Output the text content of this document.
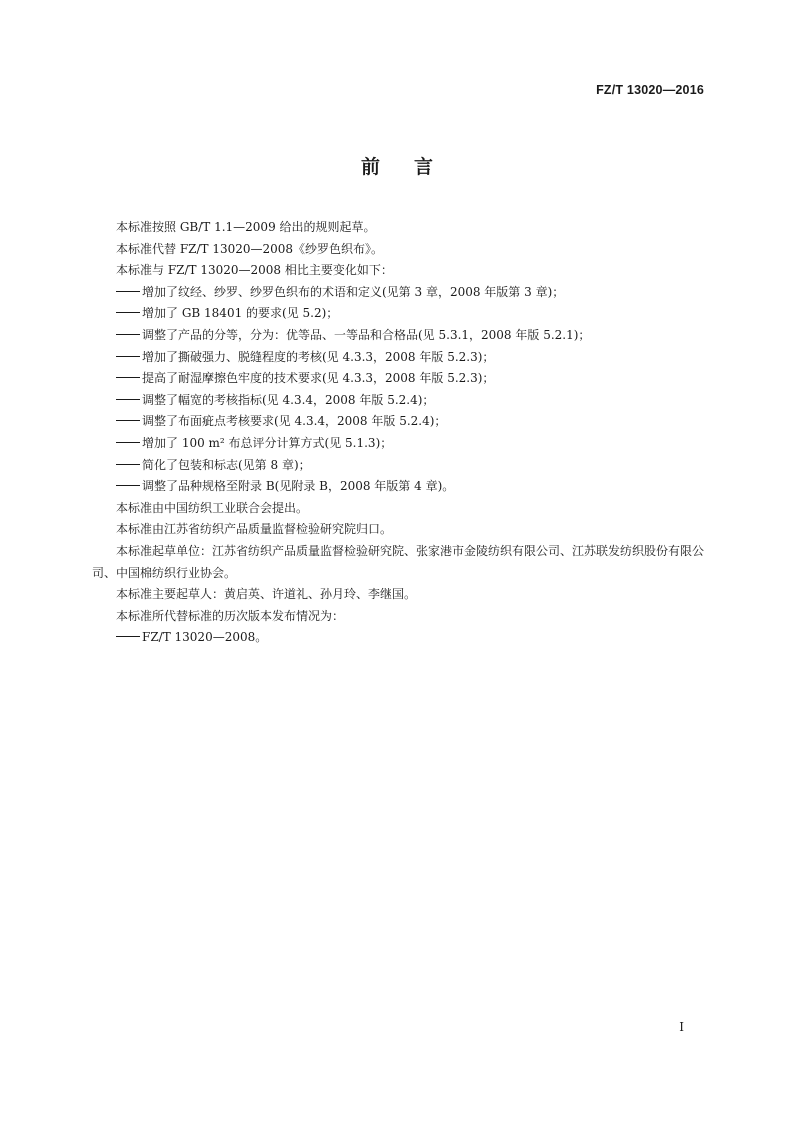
FZ/T 13020—2016
前言

本标准按照 GB/T 1.1—2009 给出的规则起草。

本标准代替 FZ/T 13020—2008《纱罗色织布》。

本标准与 FZ/T 13020—2008 相比主要变化如下：

增加了纹经、纱罗、纱罗色织布的术语和定义(见第 3 章，2008 年版第 3 章)；

增加了 GB 18401 的要求(见 5.2)；

调整了产品的分等，分为：优等品、一等品和合格品(见 5.3.1，2008 年版 5.2.1)；

增加了撕破强力、脱缝程度的考核(见 4.3.3，2008 年版 5.2.3)；

提高了耐湿摩擦色牢度的技术要求(见 4.3.3，2008 年版 5.2.3)；

调整了幅宽的考核指标(见 4.3.4，2008 年版 5.2.4)；

调整了布面疵点考核要求(见 4.3.4，2008 年版 5.2.4)；

增加了 100 m² 布总评分计算方式(见 5.1.3)；

简化了包装和标志(见第 8 章)；

调整了品种规格至附录 B(见附录 B，2008 年版第 4 章)。

本标准由中国纺织工业联合会提出。

本标准由江苏省纺织产品质量监督检验研究院归口。

本标准起草单位：江苏省纺织产品质量监督检验研究院、张家港市金陵纺织有限公司、江苏联发纺织股份有限公司、中国棉纺织行业协会。

本标准主要起草人：黄启英、许道礼、孙月玲、李继国。

本标准所代替标准的历次版本发布情况为：

FZ/T 13020—2008。

I
